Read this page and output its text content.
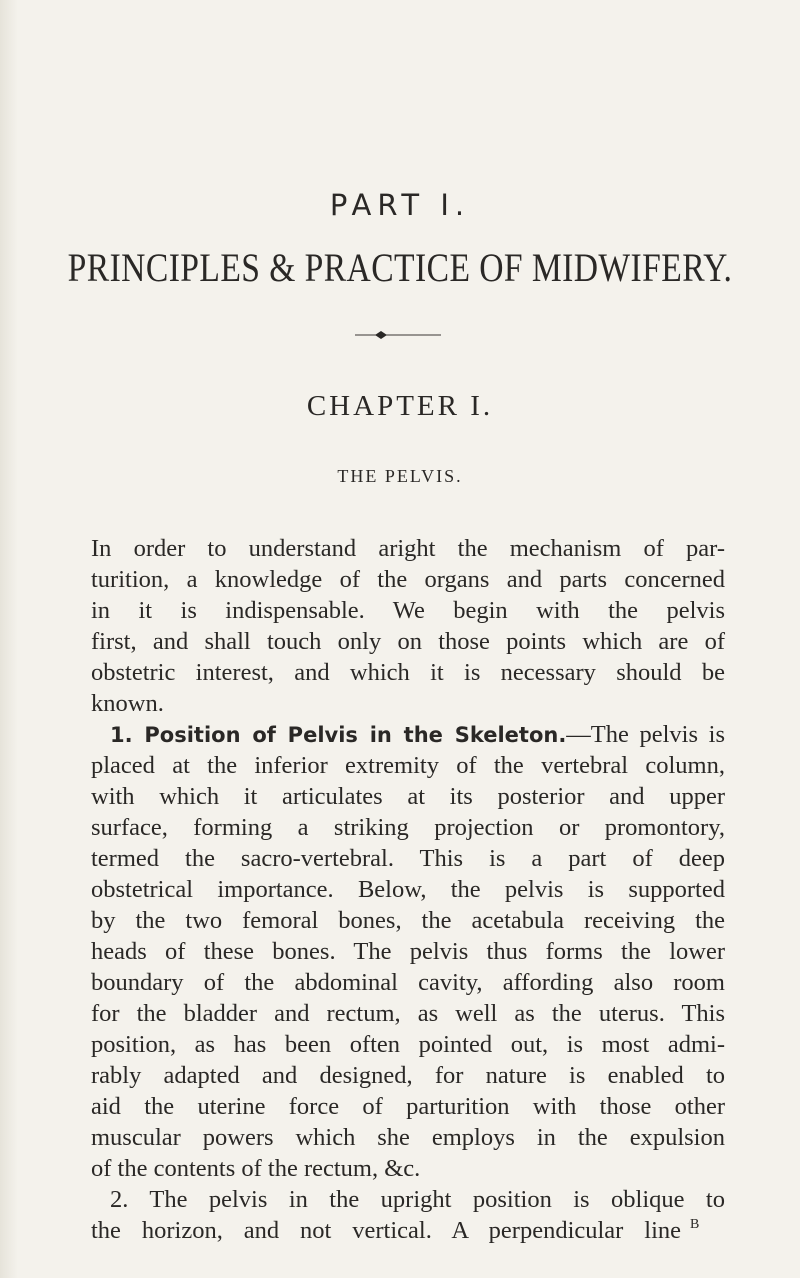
PART I.
PRINCIPLES & PRACTICE OF MIDWIFERY.
CHAPTER I.
THE PELVIS.
In order to understand aright the mechanism of par-
turition, a knowledge of the organs and parts concerned
in it is indispensable. We begin with the pelvis
first, and shall touch only on those points which are of
obstetric interest, and which it is necessary should be
known.
1. Position of Pelvis in the Skeleton.—The pelvis is
placed at the inferior extremity of the vertebral column,
with which it articulates at its posterior and upper
surface, forming a striking projection or promontory,
termed the sacro-vertebral. This is a part of deep
obstetrical importance. Below, the pelvis is supported
by the two femoral bones, the acetabula receiving the
heads of these bones. The pelvis thus forms the lower
boundary of the abdominal cavity, affording also room
for the bladder and rectum, as well as the uterus. This
position, as has been often pointed out, is most admi-
rably adapted and designed, for nature is enabled to
aid the uterine force of parturition with those other
muscular powers which she employs in the expulsion
of the contents of the rectum, &c.
2. The pelvis in the upright position is oblique to
the horizon, and not vertical. A perpendicular line B
